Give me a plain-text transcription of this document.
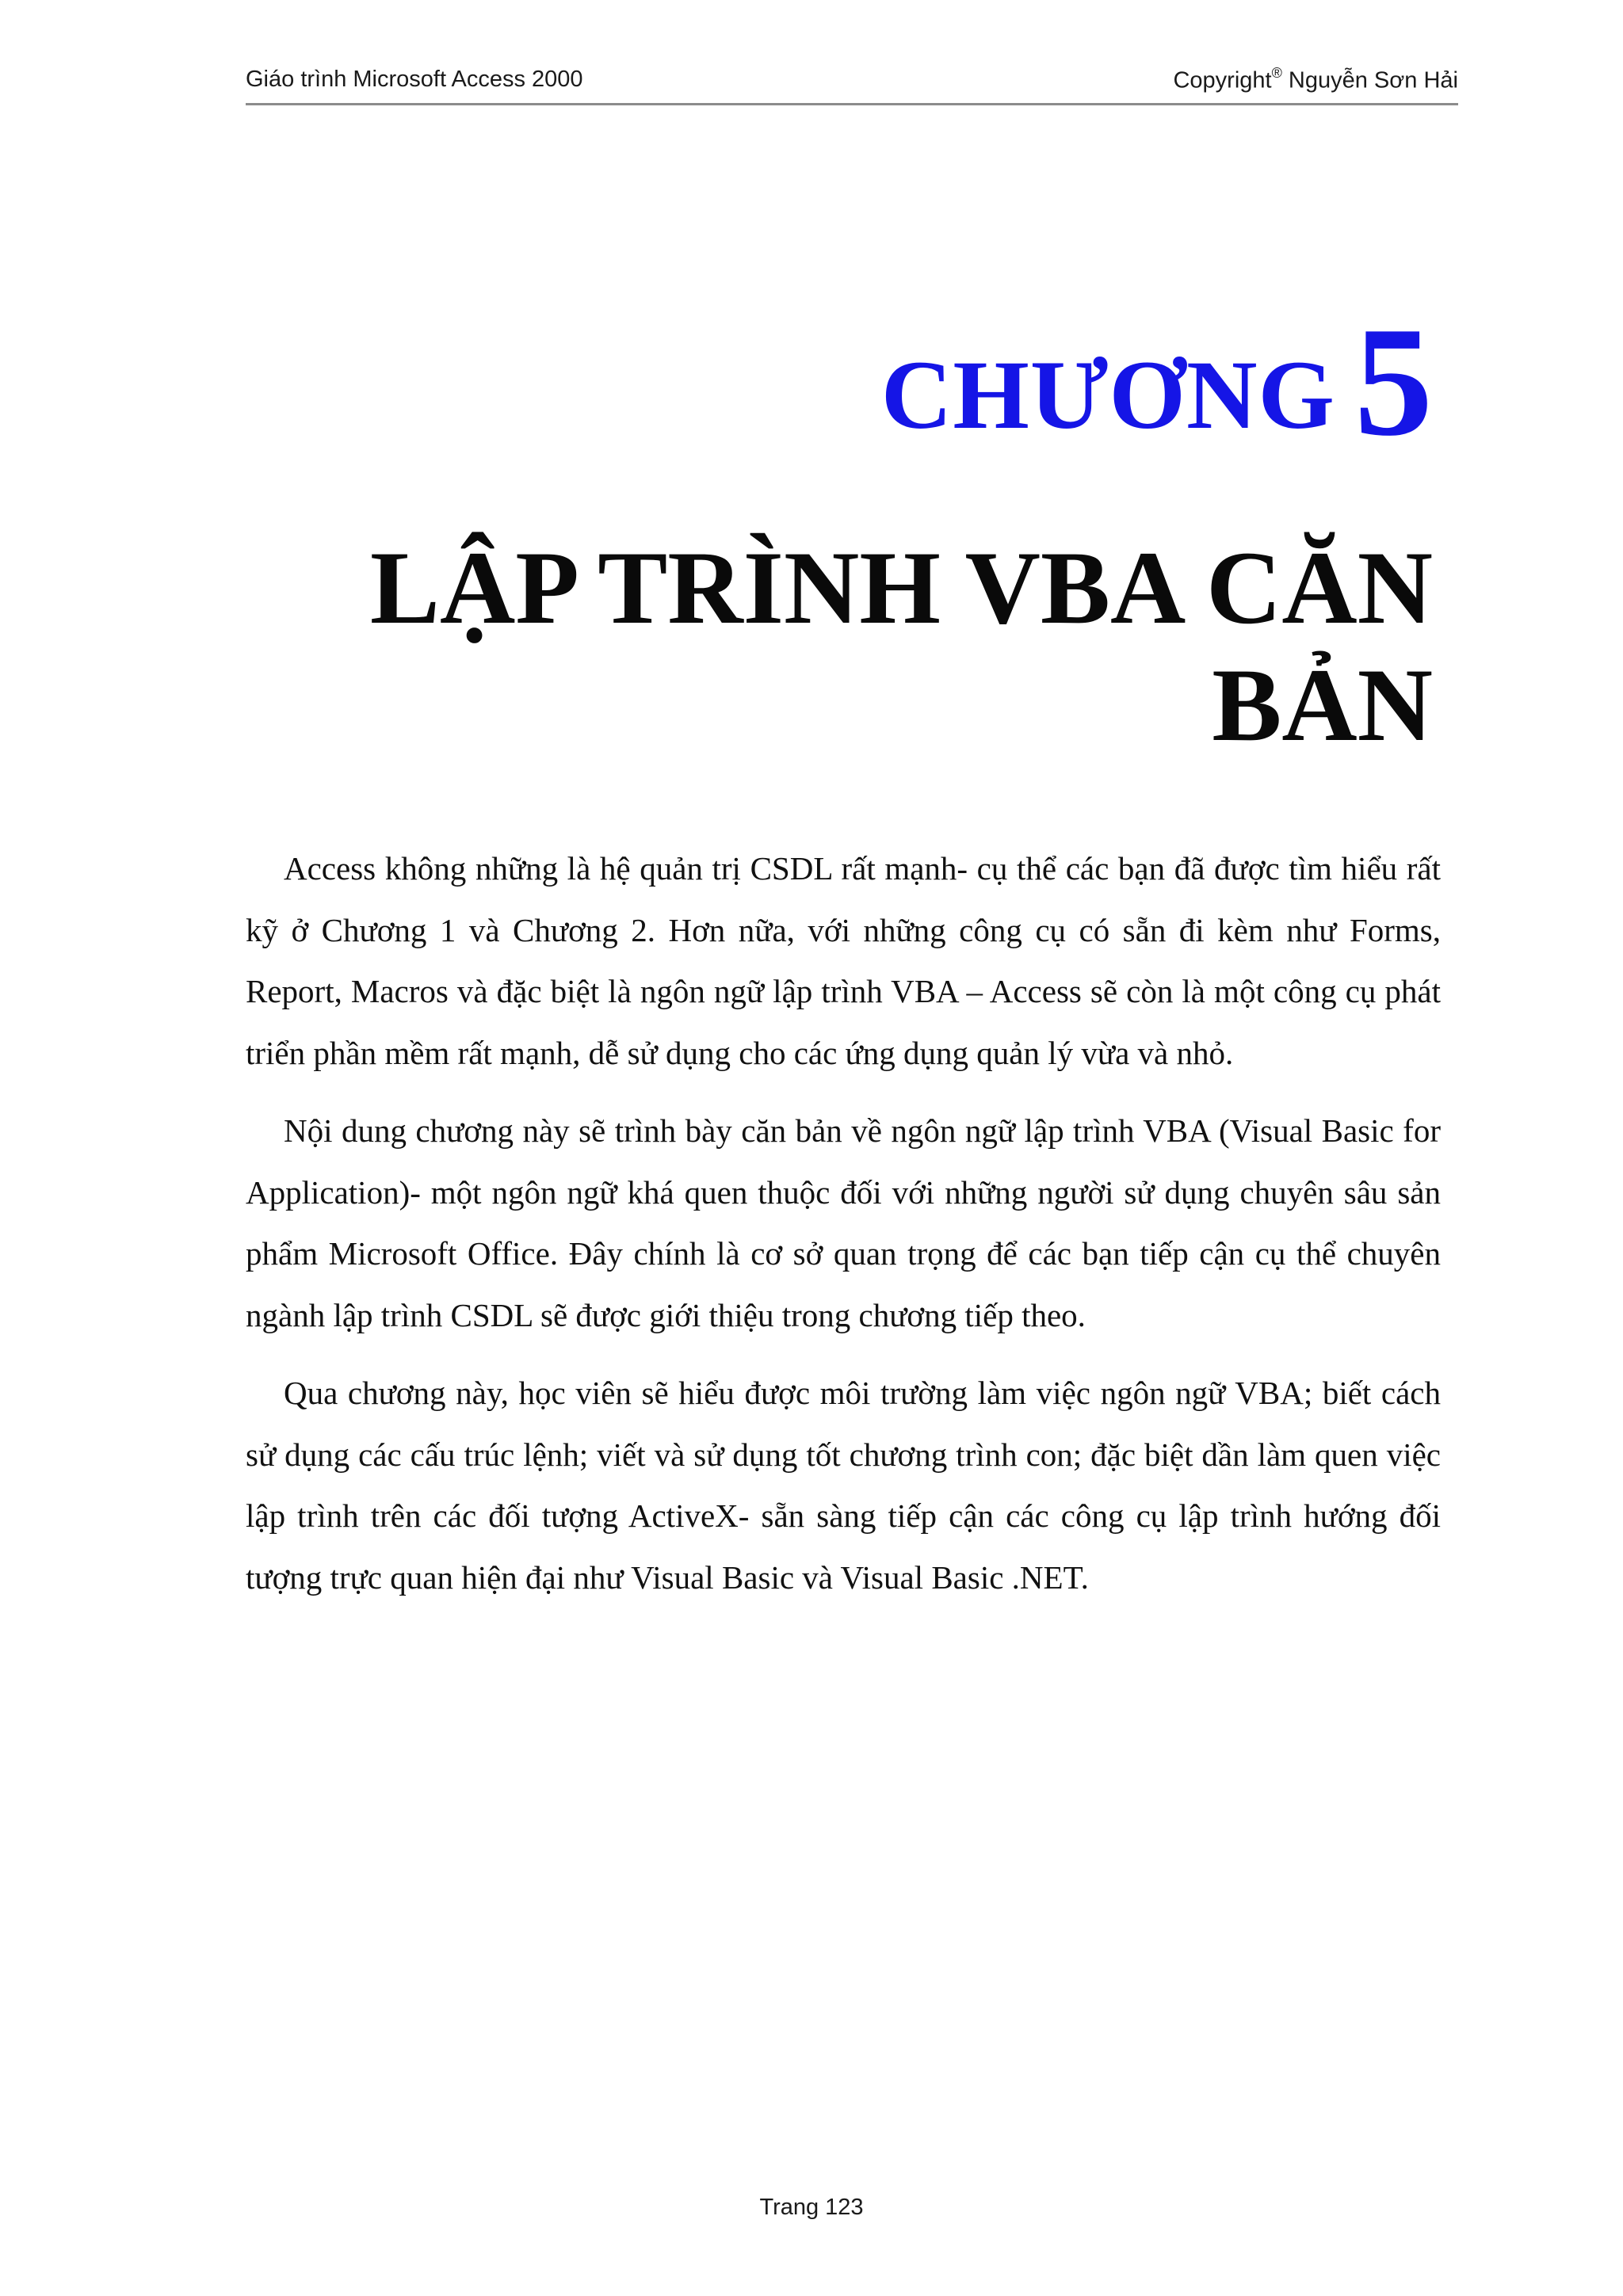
Giáo trình Microsoft Access 2000	Copyright® Nguyễn Sơn Hải
CHƯƠNG 5
LẬP TRÌNH VBA CĂN
BẢN

Access không những là hệ quản trị CSDL rất mạnh- cụ thể các bạn đã được tìm hiểu rất kỹ ở Chương 1 và Chương 2. Hơn nữa, với những công cụ có sẵn đi kèm như Forms, Report, Macros và đặc biệt là ngôn ngữ lập trình VBA – Access sẽ còn là một công cụ phát triển phần mềm rất mạnh, dễ sử dụng cho các ứng dụng quản lý vừa và nhỏ.

Nội dung chương này sẽ trình bày căn bản về ngôn ngữ lập trình VBA (Visual Basic for Application)- một ngôn ngữ khá quen thuộc đối với những người sử dụng chuyên sâu sản phẩm Microsoft Office. Đây chính là cơ sở quan trọng để các bạn tiếp cận cụ thể chuyên ngành lập trình CSDL sẽ được giới thiệu trong chương tiếp theo.

Qua chương này, học viên sẽ hiểu được môi trường làm việc ngôn ngữ VBA; biết cách sử dụng các cấu trúc lệnh; viết và sử dụng tốt chương trình con; đặc biệt dần làm quen việc lập trình trên các đối tượng ActiveX- sẵn sàng tiếp cận các công cụ lập trình hướng đối tượng trực quan hiện đại như Visual Basic và Visual Basic .NET.

Trang 123
